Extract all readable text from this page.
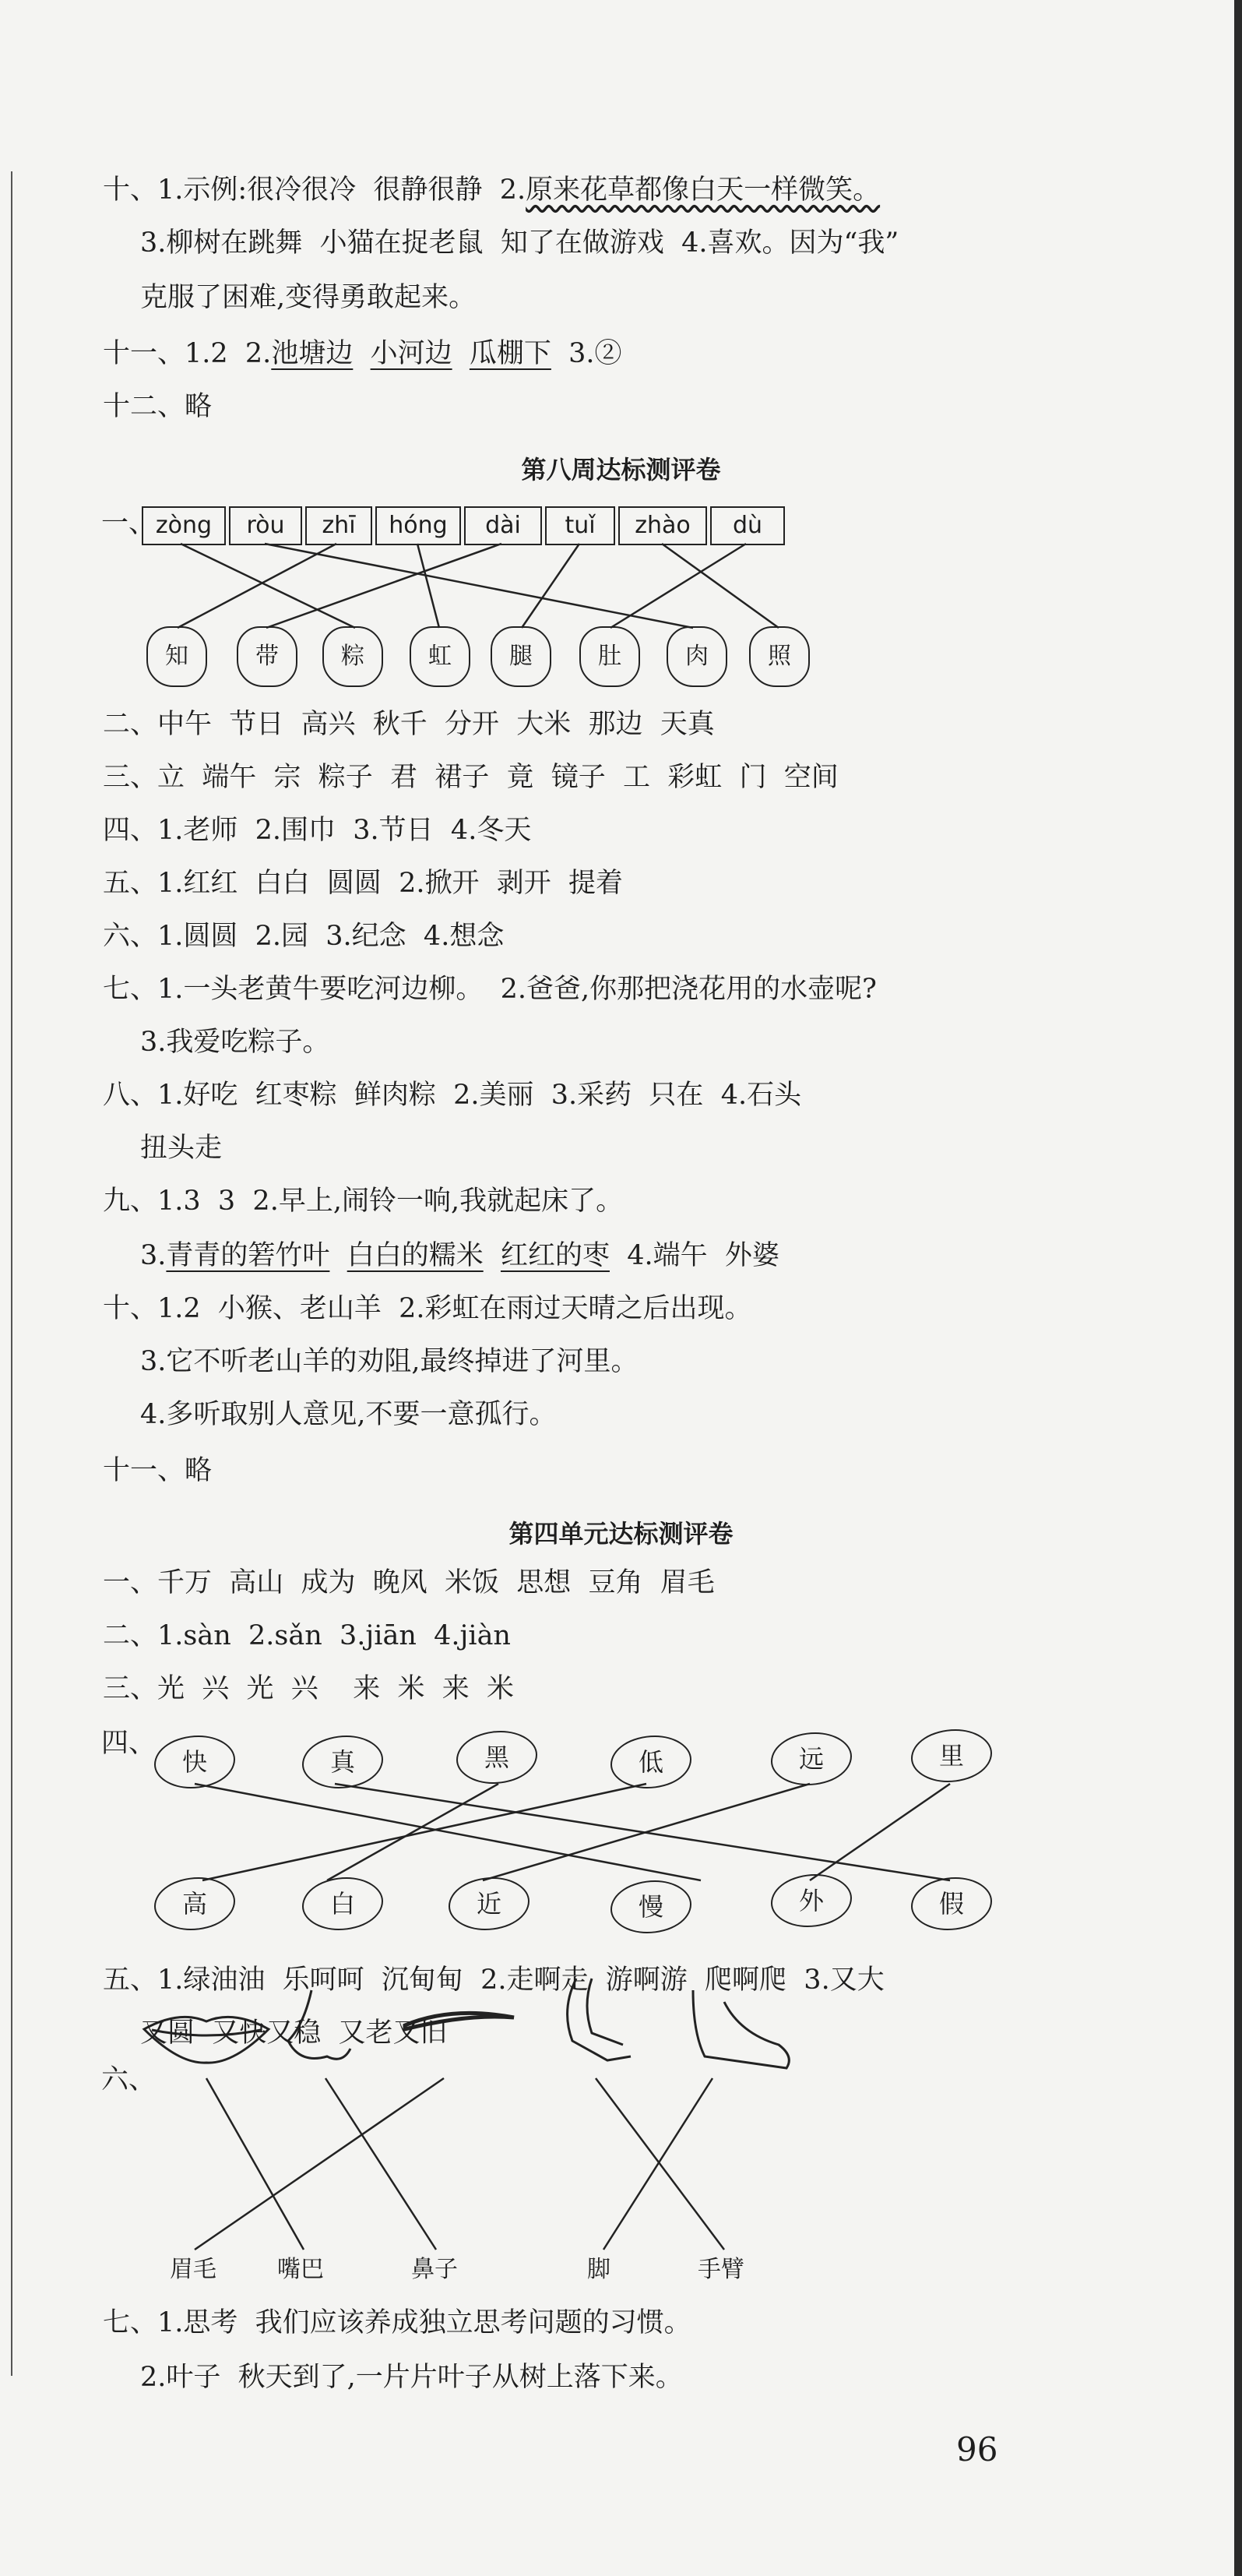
十、1.示例:很冷很冷  很静很静  2.原来花草都像白天一样微笑。
3.柳树在跳舞  小猫在捉老鼠  知了在做游戏  4.喜欢。因为“我”
克服了困难,变得勇敢起来。
十一、1.2  2.池塘边 小河边 瓜棚下 3.②
十二、略
第八周达标测评卷
一、 zòng	ròu	zhī	hóng	dài	tuǐ	zhào	dù
知	带	粽	虹	腿	肚	肉	照
二、中午  节日  高兴  秋千  分开  大米  那边  天真
三、立  端午  宗  粽子  君  裙子  竟  镜子  工  彩虹  门  空间
四、1.老师  2.围巾  3.节日  4.冬天
五、1.红红  白白  圆圆  2.掀开  剥开  提着
六、1.圆圆  2.园  3.纪念  4.想念
七、1.一头老黄牛要吃河边柳。  2.爸爸,你那把浇花用的水壶呢?
3.我爱吃粽子。
八、1.好吃  红枣粽  鲜肉粽  2.美丽  3.采药  只在  4.石头
扭头走
九、1.3  3  2.早上,闹铃一响,我就起床了。
3.青青的箬竹叶 白白的糯米 红红的枣 4.端午  外婆
十、1.2  小猴、老山羊  2.彩虹在雨过天晴之后出现。
3.它不听老山羊的劝阻,最终掉进了河里。
4.多听取别人意见,不要一意孤行。
十一、略
第四单元达标测评卷
一、千万  高山  成为  晚风  米饭  思想  豆角  眉毛
二、1.sàn  2.sǎn  3.jiān  4.jiàn
三、光  兴  光  兴    来  米  来  米
四、
快	真	黑	低	远	里
高	白	近	慢	外	假
五、1.绿油油  乐呵呵  沉甸甸  2.走啊走  游啊游  爬啊爬  3.又大
又圆  又快又稳  又老又旧
六、
眉毛	嘴巴	鼻子	脚	手臂
七、1.思考  我们应该养成独立思考问题的习惯。
2.叶子  秋天到了,一片片叶子从树上落下来。
96
